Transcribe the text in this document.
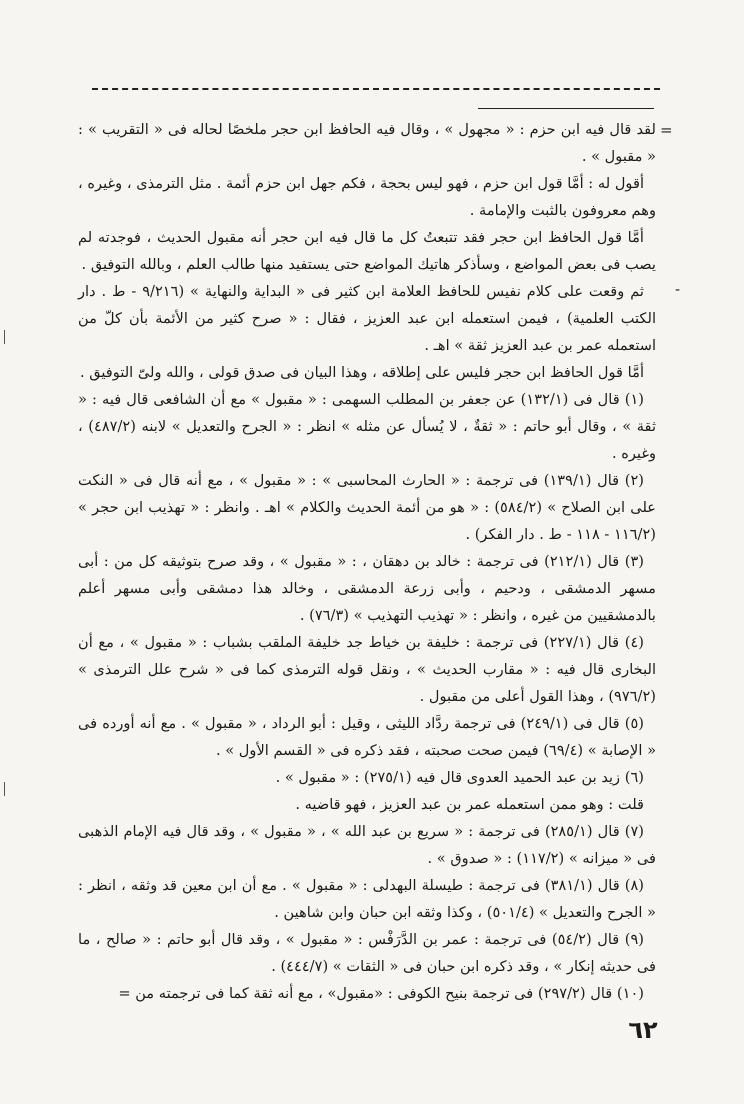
=
-

لقد قال فيه ابن حزم : « مجهول » ، وقال فيه الحافظ ابن حجر ملخصًا لحاله فى « التقريب » : « مقبول » .

أقول له : أمَّا قول ابن حزم ، فهو ليس بحجة ، فكم جهل ابن حزم أئمة . مثل الترمذى ، وغيره ، وهم معروفون بالثبت والإمامة .

أمَّا قول الحافظ ابن حجر فقد تتبعتُ كل ما قال فيه ابن حجر أنه مقبول الحديث ، فوجدته لم يصب فى بعض المواضع ، وسأذكر هاتيك المواضع حتى يستفيد منها طالب العلم ، وبالله التوفيق .

ثم وقعت على كلام نفيس للحافظ العلامة ابن كثير فى « البداية والنهاية » (٩/٢١٦ - ط . دار الكتب العلمية) ، فيمن استعمله ابن عبد العزيز ، فقال : « صرح كثير من الأئمة بأن كلّ من استعمله عمر بن عبد العزيز ثقة » اهـ .

أمَّا قول الحافظ ابن حجر فليس على إطلاقه ، وهذا البيان فى صدق قولى ، والله ولىّ التوفيق .

(١) قال فى (١٣٢/١) عن جعفر بن المطلب السهمى : « مقبول » مع أن الشافعى قال فيه : « ثقة » ، وقال أبو حاتم : « ثقةٌ ، لا يُسأل عن مثله » انظر : « الجرح والتعديل » لابنه (٤٨٧/٢) ، وغيره .

(٢) قال (١٣٩/١) فى ترجمة : « الحارث المحاسبى » : « مقبول » ، مع أنه قال فى « النكت على ابن الصلاح » (٥٨٤/٢) : « هو من أئمة الحديث والكلام » اهـ . وانظر : « تهذيب ابن حجر » (١١٦/٢ - ١١٨ - ط . دار الفكر) .

(٣) قال (٢١٢/١) فى ترجمة : خالد بن دهقان ، : « مقبول » ، وقد صرح بتوثيقه كل من : أبى مسهر الدمشقى ، ودحيم ، وأبى زرعة الدمشقى ، وخالد هذا دمشقى وأبى مسهر أعلم بالدمشقيين من غيره ، وانظر : « تهذيب التهذيب » (٧٦/٣) .

(٤) قال (٢٢٧/١) فى ترجمة : خليفة بن خياط جد خليفة الملقب بشباب : « مقبول » ، مع أن البخارى قال فيه : « مقارب الحديث » ، ونقل قوله الترمذى كما فى « شرح علل الترمذى » (٩٧٦/٢) ، وهذا القول أعلى من مقبول .

(٥) قال فى (٢٤٩/١) فى ترجمة ردَّاد الليثى ، وقيل : أبو الرداد ، « مقبول » . مع أنه أورده فى « الإصابة » (٦٩/٤) فيمن صحت صحبته ، فقد ذكره فى « القسم الأول » .

(٦) زيد بن عبد الحميد العدوى قال فيه (٢٧٥/١) : « مقبول » .

قلت : وهو ممن استعمله عمر بن عبد العزيز ، فهو قاضيه .

(٧) قال (٢٨٥/١) فى ترجمة : « سريع بن عبد الله » ، « مقبول » ، وقد قال فيه الإمام الذهبى فى « ميزانه » (١١٧/٢) : « صدوق » .

(٨) قال (٣٨١/١) فى ترجمة : طيسلة البهدلى : « مقبول » . مع أن ابن معين قد وثقه ، انظر : « الجرح والتعديل » (٥٠١/٤) ، وكذا وثقه ابن حبان وابن شاهين .

(٩) قال (٥٤/٢) فى ترجمة : عمر بن الدَّرَفْس : « مقبول » ، وقد قال أبو حاتم : « صالح ، ما فى حديثه إنكار » ، وقد ذكره ابن حبان فى « الثقات » (٤٤٤/٧) .

(١٠) قال (٢٩٧/٢) فى ترجمة بنيح الكوفى : «مقبول» ، مع أنه ثقة كما فى ترجمته من =

٦٢
